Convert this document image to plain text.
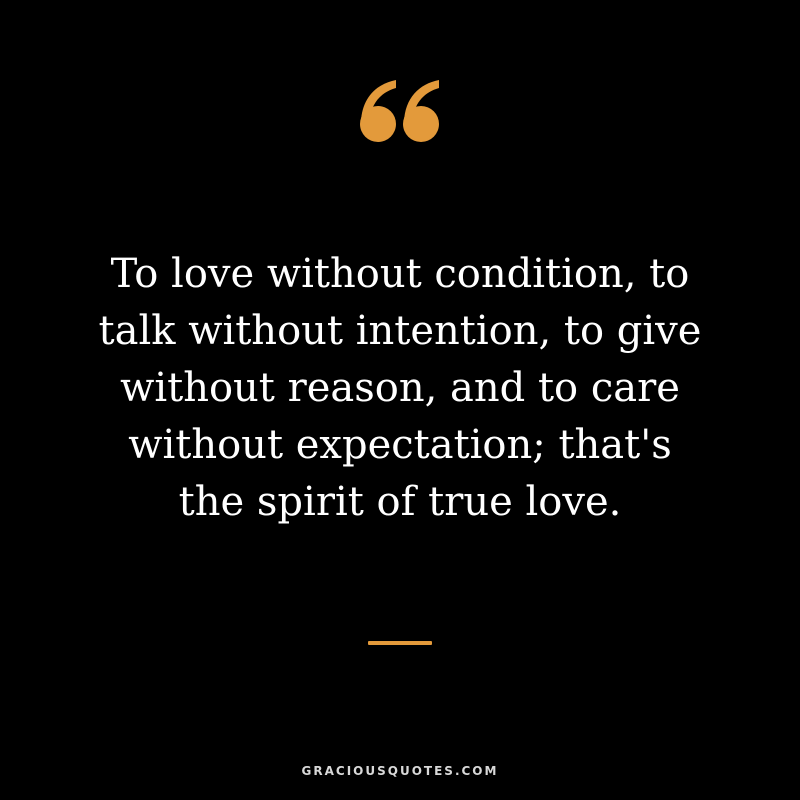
To love without condition, to
talk without intention, to give
without reason, and to care
without expectation; that's
the spirit of true love.

GRACIOUSQUOTES.COM
